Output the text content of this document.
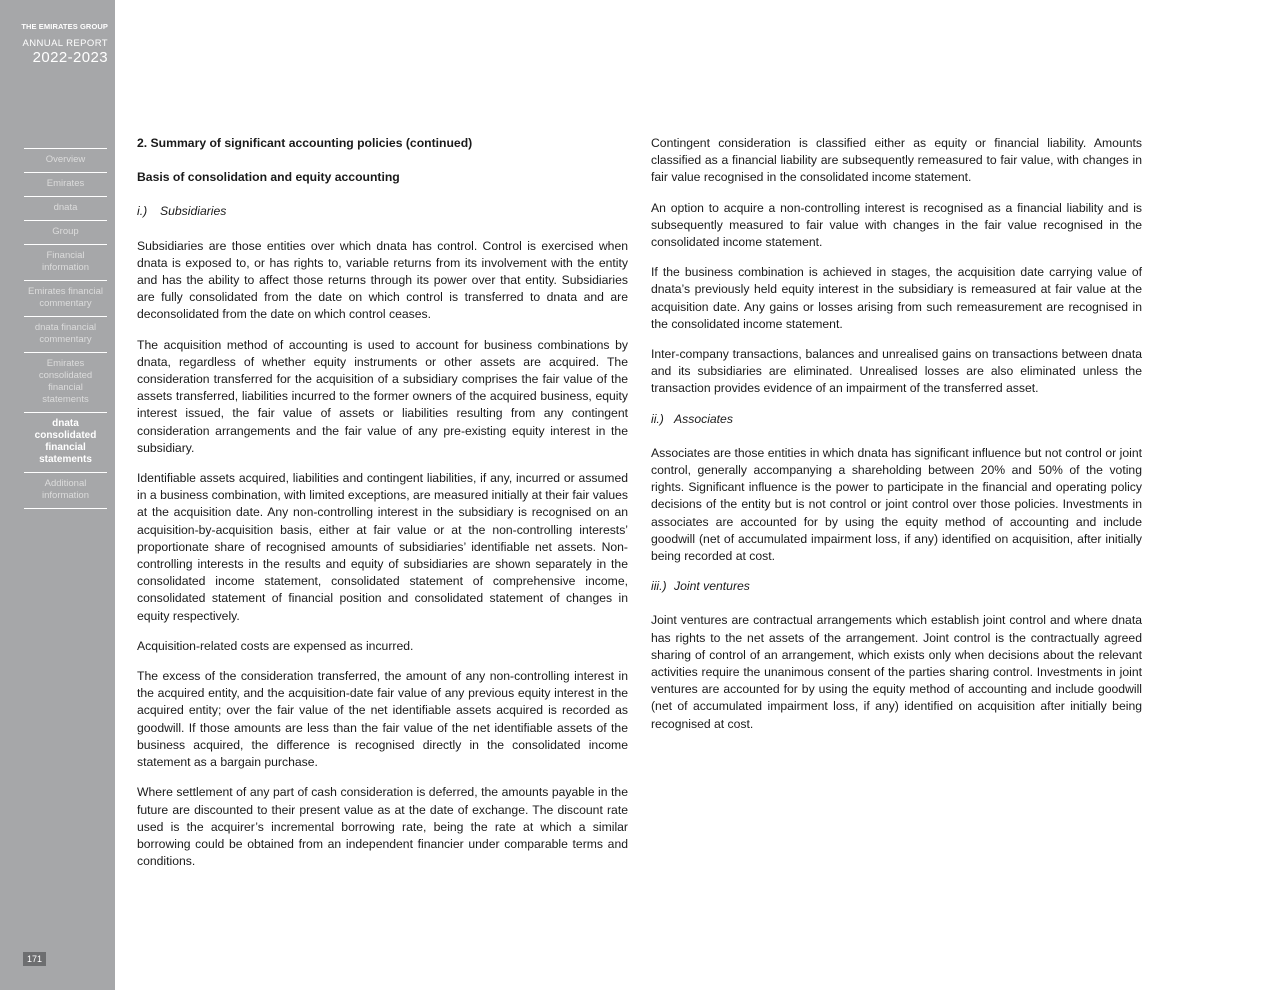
THE EMIRATES GROUP
ANNUAL REPORT
2022-2023
Overview
Emirates
dnata
Group
Financial information
Emirates financial commentary
dnata financial commentary
Emirates consolidated financial statements
dnata consolidated financial statements
Additional information
171

2. Summary of significant accounting policies (continued)

Basis of consolidation and equity accounting

i.) Subsidiaries

Subsidiaries are those entities over which dnata has control. Control is exercised when dnata is exposed to, or has rights to, variable returns from its involvement with the entity and has the ability to affect those returns through its power over that entity. Subsidiaries are fully consolidated from the date on which control is transferred to dnata and are deconsolidated from the date on which control ceases.

The acquisition method of accounting is used to account for business combinations by dnata, regardless of whether equity instruments or other assets are acquired. The consideration transferred for the acquisition of a subsidiary comprises the fair value of the assets transferred, liabilities incurred to the former owners of the acquired business, equity interest issued, the fair value of assets or liabilities resulting from any contingent consideration arrangements and the fair value of any pre-existing equity interest in the subsidiary.

Identifiable assets acquired, liabilities and contingent liabilities, if any, incurred or assumed in a business combination, with limited exceptions, are measured initially at their fair values at the acquisition date. Any non-controlling interest in the subsidiary is recognised on an acquisition-by-acquisition basis, either at fair value or at the non-controlling interests’ proportionate share of recognised amounts of subsidiaries’ identifiable net assets. Non-controlling interests in the results and equity of subsidiaries are shown separately in the consolidated income statement, consolidated statement of comprehensive income, consolidated statement of financial position and consolidated statement of changes in equity respectively.

Acquisition-related costs are expensed as incurred.

The excess of the consideration transferred, the amount of any non-controlling interest in the acquired entity, and the acquisition-date fair value of any previous equity interest in the acquired entity; over the fair value of the net identifiable assets acquired is recorded as goodwill. If those amounts are less than the fair value of the net identifiable assets of the business acquired, the difference is recognised directly in the consolidated income statement as a bargain purchase.

Where settlement of any part of cash consideration is deferred, the amounts payable in the future are discounted to their present value as at the date of exchange. The discount rate used is the acquirer’s incremental borrowing rate, being the rate at which a similar borrowing could be obtained from an independent financier under comparable terms and conditions.

Contingent consideration is classified either as equity or financial liability. Amounts classified as a financial liability are subsequently remeasured to fair value, with changes in fair value recognised in the consolidated income statement.

An option to acquire a non-controlling interest is recognised as a financial liability and is subsequently measured to fair value with changes in the fair value recognised in the consolidated income statement.

If the business combination is achieved in stages, the acquisition date carrying value of dnata’s previously held equity interest in the subsidiary is remeasured at fair value at the acquisition date. Any gains or losses arising from such remeasurement are recognised in the consolidated income statement.

Inter-company transactions, balances and unrealised gains on transactions between dnata and its subsidiaries are eliminated. Unrealised losses are also eliminated unless the transaction provides evidence of an impairment of the transferred asset.

ii.) Associates

Associates are those entities in which dnata has significant influence but not control or joint control, generally accompanying a shareholding between 20% and 50% of the voting rights. Significant influence is the power to participate in the financial and operating policy decisions of the entity but is not control or joint control over those policies. Investments in associates are accounted for by using the equity method of accounting and include goodwill (net of accumulated impairment loss, if any) identified on acquisition, after initially being recorded at cost.

iii.) Joint ventures

Joint ventures are contractual arrangements which establish joint control and where dnata has rights to the net assets of the arrangement. Joint control is the contractually agreed sharing of control of an arrangement, which exists only when decisions about the relevant activities require the unanimous consent of the parties sharing control. Investments in joint ventures are accounted for by using the equity method of accounting and include goodwill (net of accumulated impairment loss, if any) identified on acquisition after initially being recognised at cost.
